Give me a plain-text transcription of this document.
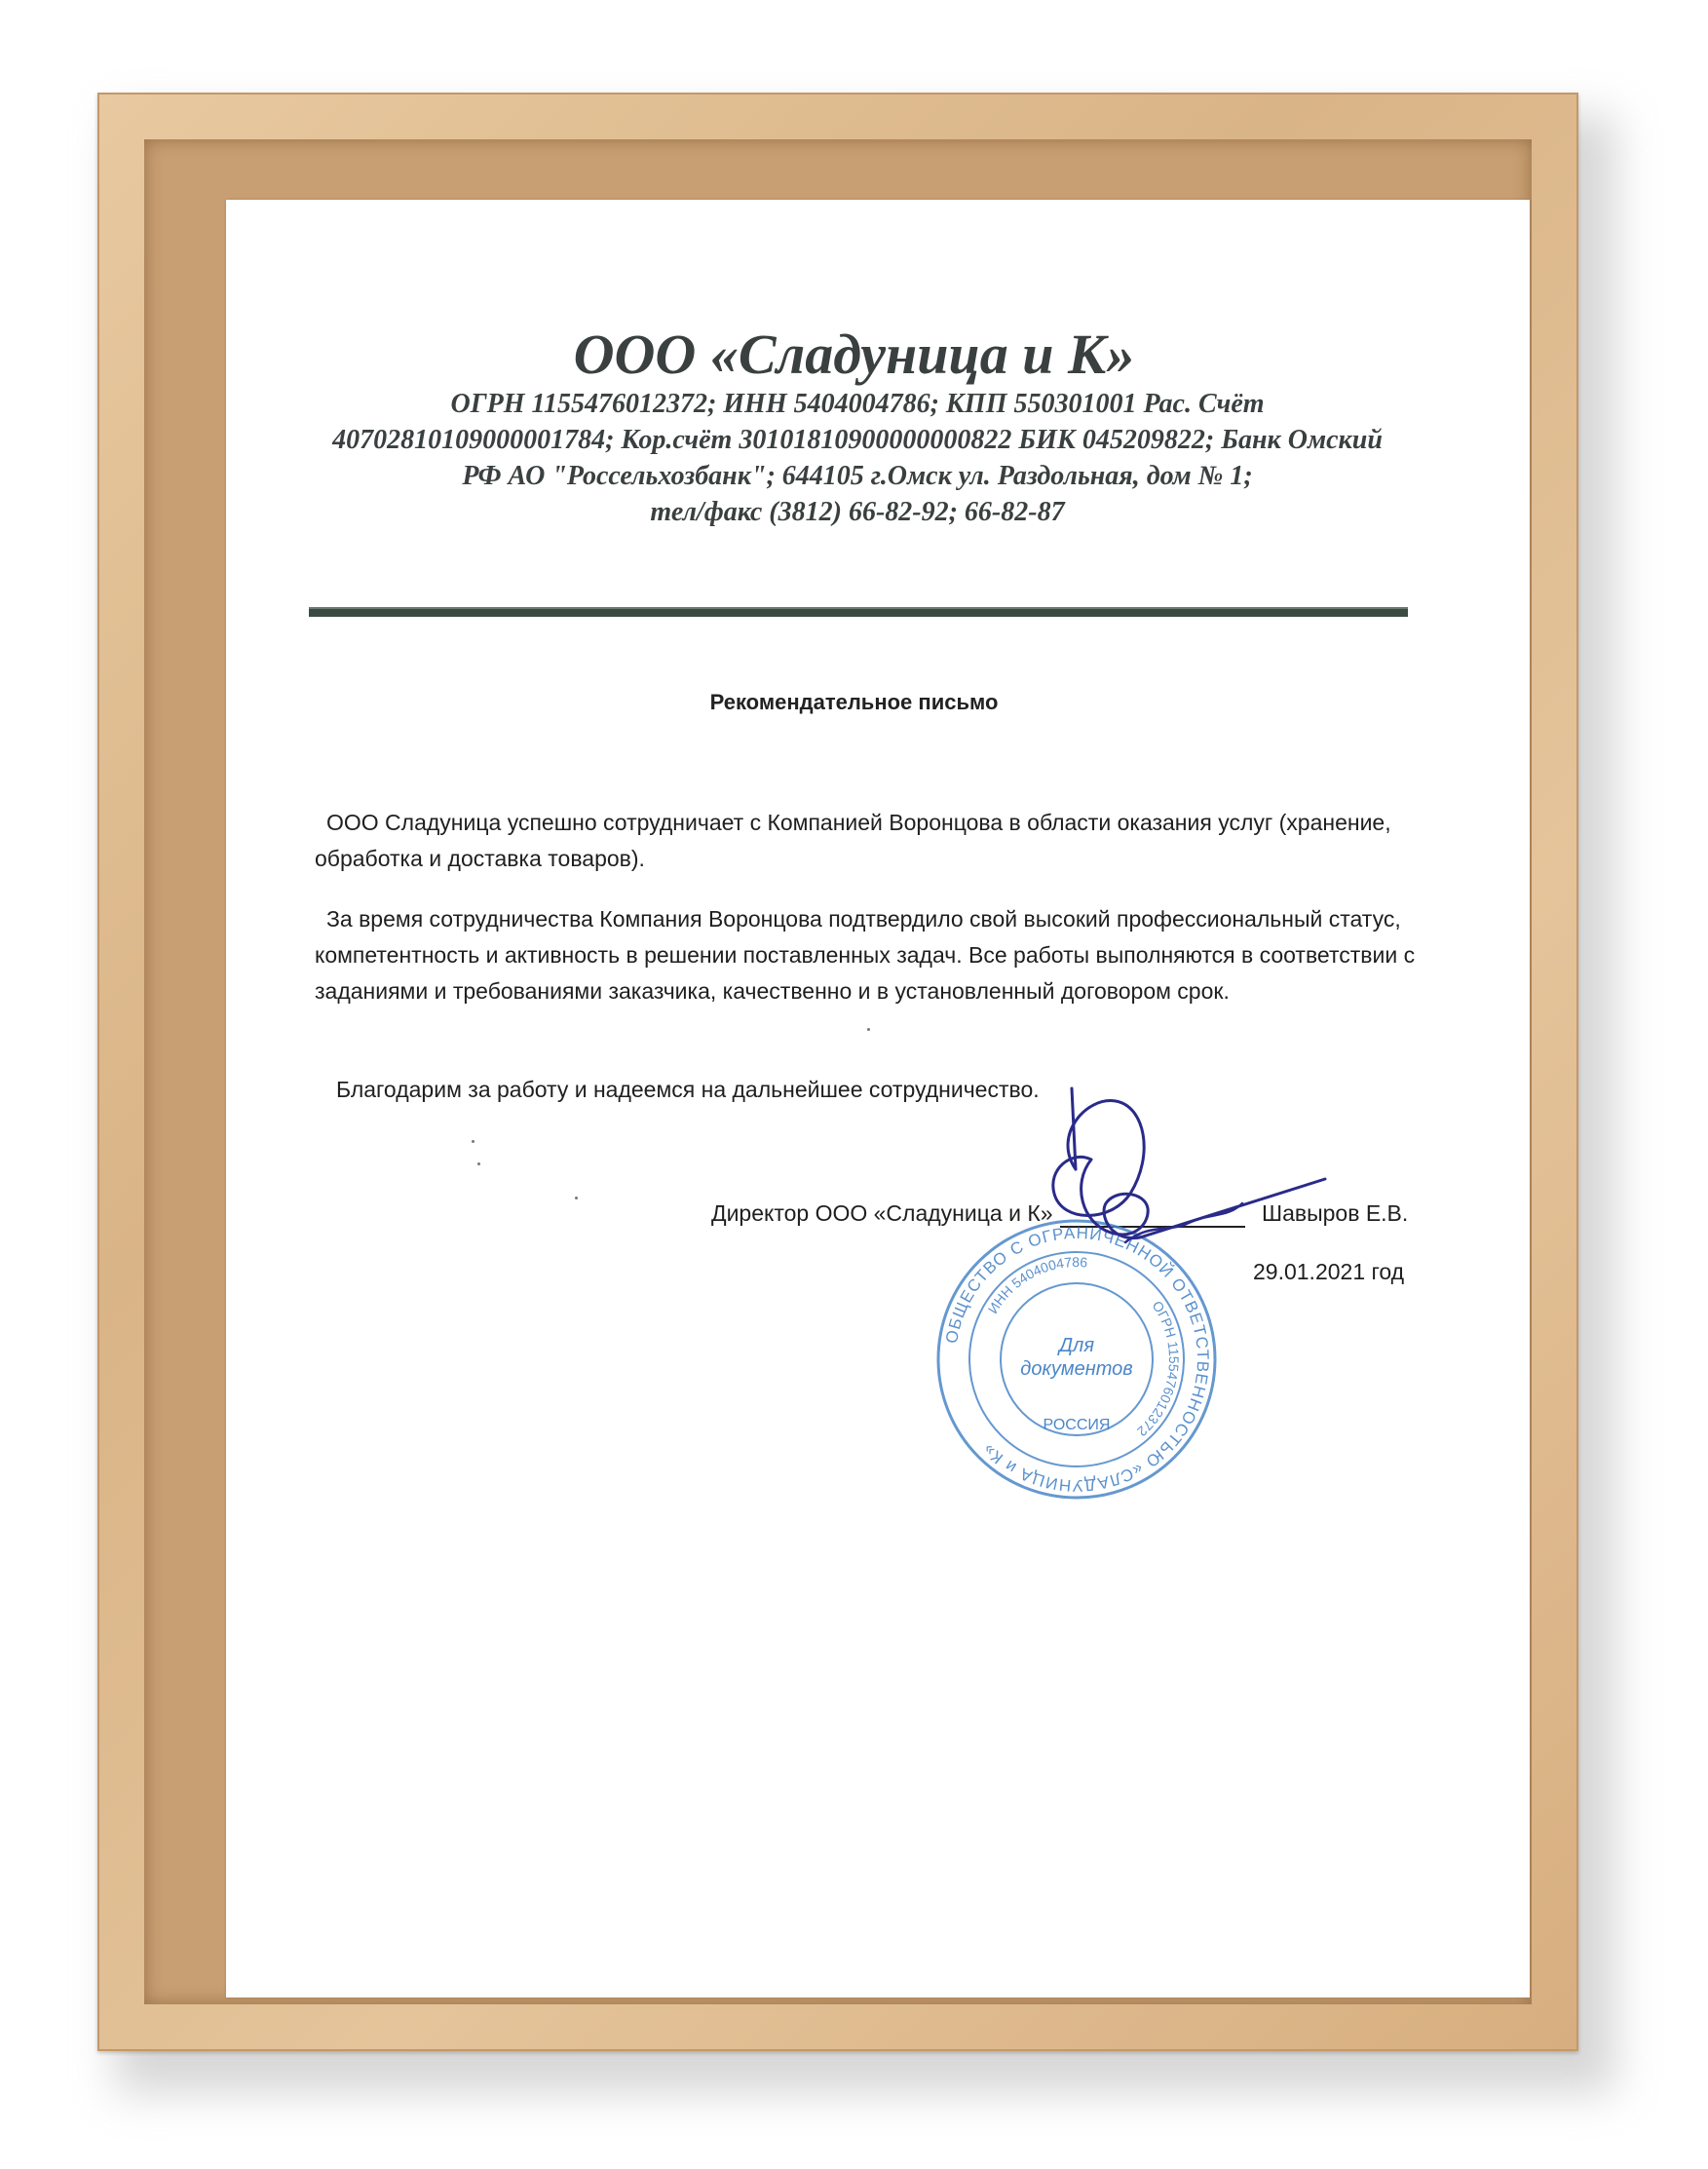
ООО «Сладуница и К»
ОГРН 1155476012372; ИНН 5404004786; КПП 550301001 Рас. Счёт
40702810109000001784; Кор.счёт 30101810900000000822 БИК 045209822; Банк Омский
РФ АО "Россельхозбанк"; 644105 г.Омск ул. Раздольная, дом № 1;
тел/факс (3812) 66-82-92; 66-82-87
Рекомендательное письмо

ООО Сладуница успешно сотрудничает с Компанией Воронцова в области оказания услуг (хранение, обработка и доставка товаров).

За время сотрудничества Компания Воронцова подтвердило свой высокий профессиональный статус, компетентность и активность в решении поставленных задач. Все работы выполняются в соответствии с заданиями и требованиями заказчика, качественно и в установленный договором срок.

Благодарим за работу и надеемся на дальнейшее сотрудничество.

Директор ООО «Сладуница и К»	Шавыров Е.В.
29.01.2021 год
ОБЩЕСТВО С ОГРАНИЧЕННОЙ ОТВЕТСТВЕННОСТЬЮ «СЛАДУНИЦА и К»
ИНН 5404004786
ОГРН 1155476012372
Для
документов
РОССИЯ
